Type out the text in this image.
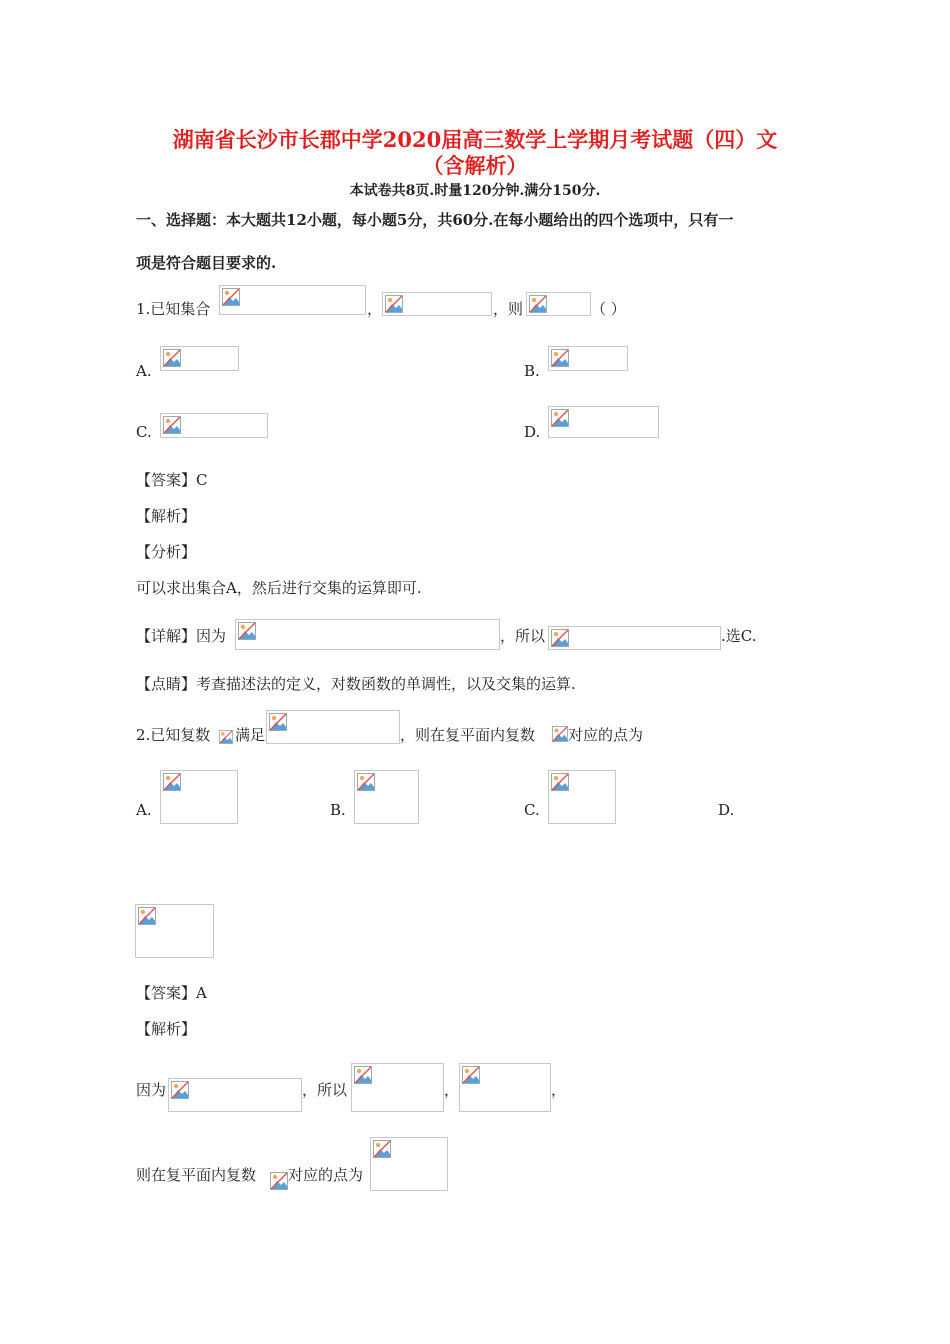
湖南省长沙市长郡中学2020届高三数学上学期月考试题（四）文
（含解析）
本试卷共8页.时量120分钟.满分150分.
一、选择题：本大题共12小题，每小题5分，共60分.在每小题给出的四个选项中，只有一
项是符合题目要求的.
1.已知集合	，	，则	（ ）
A.	B.
C.	D.
【答案】C
【解析】
【分析】
可以求出集合A，然后进行交集的运算即可.
【详解】因为	，所以	.选C.
【点睛】考查描述法的定义，对数函数的单调性，以及交集的运算.
2.已知复数 满足	，则在复平面内复数 对应的点为
A.	B.	C.	D.
【答案】A
【解析】
因为	，所以	，	，
则在复平面内复数 对应的点为
